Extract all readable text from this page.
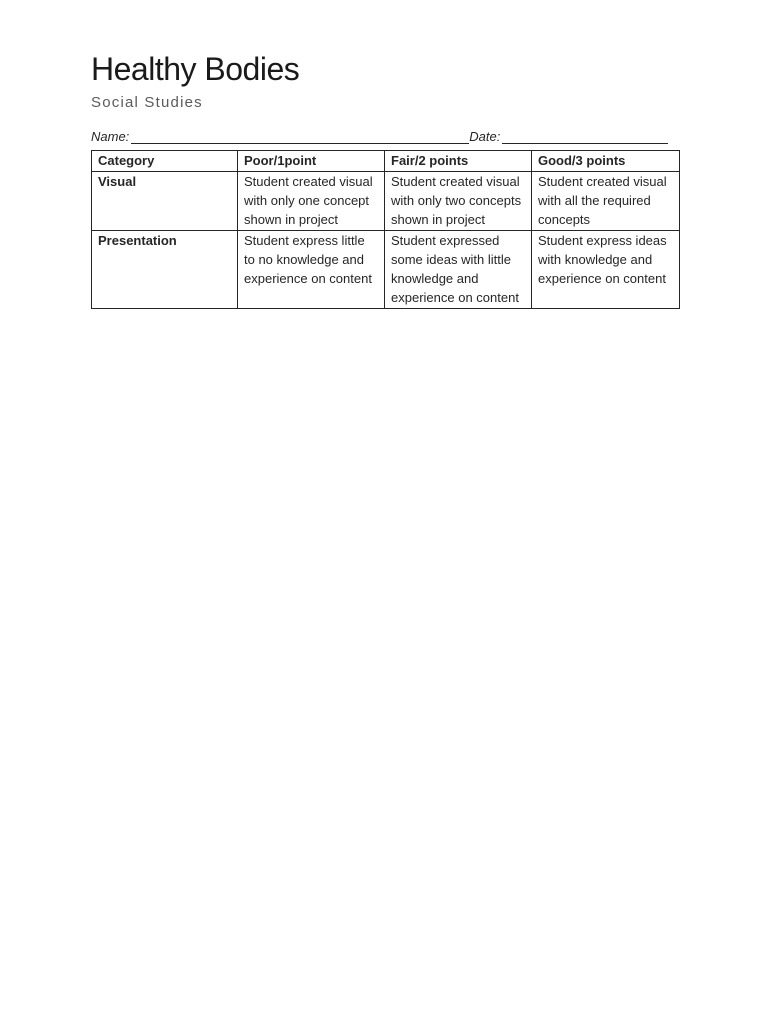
Healthy Bodies
Social Studies
Name:	Date:
Category	Poor/1point	Fair/2 points	Good/3 points
Visual	Student created visual with only one concept shown in project	Student created visual with only two concepts shown in project	Student created visual with all the required concepts
Presentation	Student express little to no knowledge and experience on content	Student expressed some ideas with little knowledge and experience on content	Student express ideas with knowledge and experience on content
